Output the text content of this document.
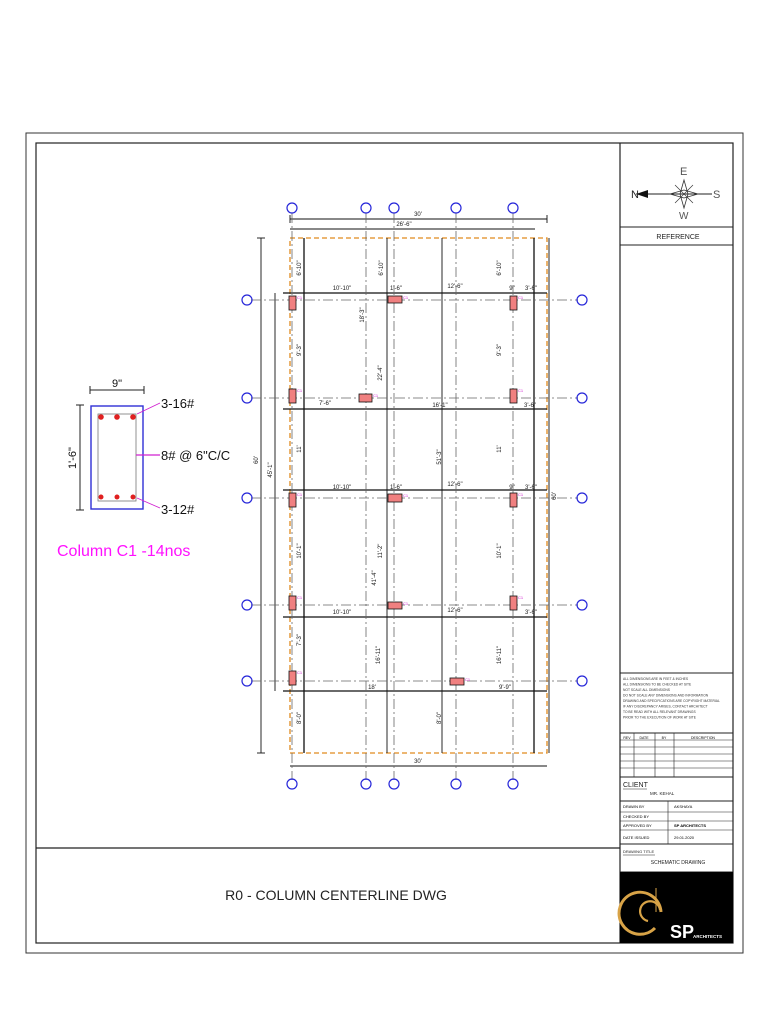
R0 - COLUMN CENTERLINE DWG
N
E
S
W
REFERENCE
ALL DIMENSIONS ARE IN FEET & INCHES
ALL DIMENSIONS TO BE CHECKED AT SITE
NOT SCALE ALL DIMENSIONS
DO NOT SCALE ANY DIMENSIONS AND INFORMATION
DRAWING AND SPECIFICATIONS ARE COPYRIGHT MATERIAL
IF ANY DISCREPANCY ARISES, CONTACT ARCHITECT
TO BE READ WITH ALL RELEVANT DRAWINGS
PRIOR TO THE EXECUTION OF WORK AT SITE
REV	DATE	BY	DESCRIPTION
CLIENT
MR. KEHAL
DRAWN BY	AKSHAYA
CHECKED BY
APPROVED BY	SP ARCHITECTS
DATE ISSUED	29.01.2020
DRAWING TITLE
SCHEMATIC DRAWING
SP
ARCHITECTS
9"
1'-6"
3-16#
8# @ 6"C/C
3-12#
Column C1 -14nos
C1	C1	C1
C1
C1	C1
C1	C1	C1
C1
C1
C1
C1
C1
30'
26'-6"
30'
60'
45'-1"
60'
6'-10"	6'-10"	6'-10"
10'-10"	1'-6"	12'-6"	9" 3'-6"
18'-3"
22'-4"
9'-3"	9'-3"
7'-6"	16'-1"	3'-6"
11'
51'-3"
11'
10'-10"	1'-6"	12'-6"	9" 3'-6"
10'-1"
41'-4"
11'-2"	10'-1"
10'-10"	12'-6"	3'-6"
7'-3"
16'-11"	16'-11"
18'	9'-9"
8'-0"	8'-0"
